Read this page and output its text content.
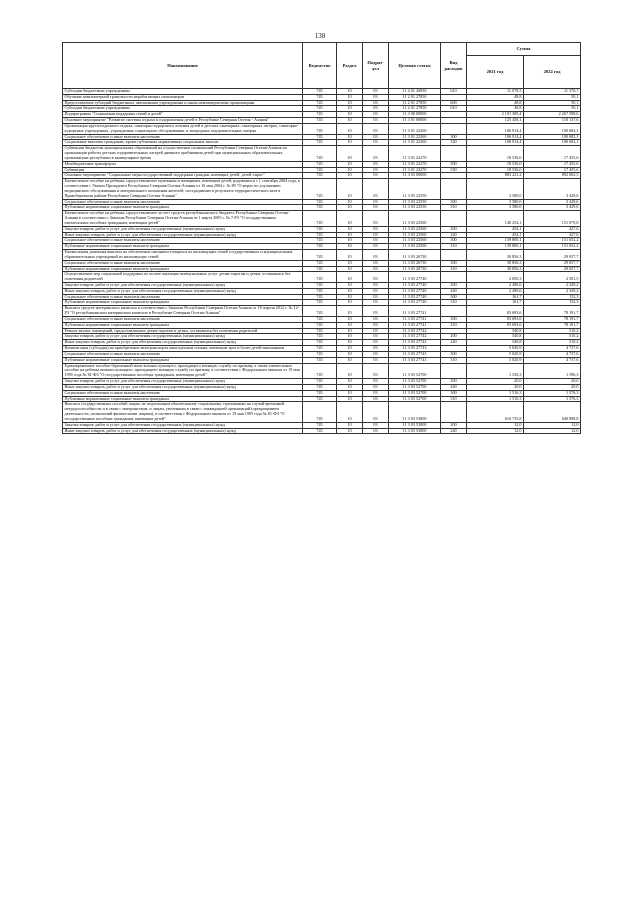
138
Наименование	Ведомство	Раздел	Подраз-дел	Целевая статья	Вид расходов	Сумма	
						2021 год	2022 год
Субсидии бюджетным учреждениям	745	10	03	11 2 01 26830	610	11 078,5	11 370,7
Обучение компьютерной грамотности неработающих пенсионеров	745	10	03	11 2 01 27850		48,8	50,1
Предоставление субсидий бюджетным, автономным учреждениям и иным некоммерческим организациям	745	10	03	11 2 01 27850	600	48,8	50,1
Субсидии бюджетным учреждениям	745	10	03	11 2 01 27850	610	48,8	50,1
Подпрограмма "Социальная поддержка семей и детей"	745	10	03	11 3 00 00000		2 191 309,4	2 267 598,6
Основное мероприятие "Развитие системы отдыха и оздоровления детей в Республике Северная Осетия - Алания"	745	10	03	11 3 01 00000		125 458,1	118 137,6
Организация круглогодичного отдыха, санаторно-курортного лечения детей в детских санаториях, санаторных лагерях, санаторно-курортных учреждениях, учреждениях социального обслуживания, в загородных оздоровительных лагерях	745	10	03	11 3 01 22260		106 914,4	100 682,1
Социальное обеспечение и иные выплаты населению	745	10	03	11 3 01 22260	300	106 914,4	100 682,1
Социальные выплаты гражданам, кроме публичных нормативных социальных выплат	745	10	03	11 3 01 22260	320	106 914,4	100 682,1
Субвенции бюджетам муниципальных образований на осуществление полномочий Республики Северная Осетия-Алания по организации работы детских оздоровительных лагерей дневного пребывания детей при муниципальных образовательных организациях республики в каникулярное время	745	10	03	11 3 01 22270		18 536,0	17 455,6
Межбюджетные трансферты	745	10	03	11 3 01 22270	500	18 536,0	17 455,6
Субвенции	745	10	03	11 3 01 22270	530	18 536,0	17 455,6
Основное мероприятие "Социальные меры государственной поддержки граждан, имеющих детей, детей-сирот"	745	10	03	11 3 03 00000		883 221,2	892 002,3
Ежемесячное пособие на ребенка, предоставляемое мужчинам и женщинам, имеющим детей, родившихся с 1 сентября 2004 года, в соответствии с Указом Президента Республики Северная Осетия-Алания от 16 мая 2004 г. № 89 "О мерах по улучшению медицинского обслуживания и материального положения жителей, пострадавших в результате террористического акта в Правобережном районе Республики Северная Осетия-Алания"	745	10	03	11 3 03 22550		3 580,0	3 429,6
Социальное обеспечение и иные выплаты населению	745	10	03	11 3 03 22550	300	3 580,0	3 429,6
Публичные нормативные социальные выплаты гражданам	745	10	03	11 3 03 22550	310	3 580,0	3 429,6
Ежемесячное пособие на ребенка, предоставляемое за счет средств республиканского бюджета Республики Северная Осетия-Алания в соответствии с Законом Республики Северная Осетия-Алания от 1 марта 2005 г. № 7-РЗ "О государственных ежемесячных пособиях гражданам, имеющим детей"	745	10	03	11 3 03 22560		140 254,1	151 079,8
Закупка товаров, работ и услуг для обеспечения государственных (муниципальных) нужд	745	10	03	11 3 03 22560	200	454,1	427,6
Иные закупки товаров, работ и услуг для обеспечения государственных (муниципальных) нужд	745	10	03	11 3 03 22560	240	454,1	427,6
Социальное обеспечение и иные выплаты населению	745	10	03	11 3 03 22560	300	139 800,1	151 652,2
Публичные нормативные социальные выплаты гражданам	745	10	03	11 3 03 22560	310	139 800,1	151 652,2
Ежемесячная денежная выплата на обеспечение питанием учащихся из малоимущих семей государственных и муниципальных образовательных учреждений из малоимущих семей	745	10	03	11 3 03 26730		30 856,3	29 057,7
Социальное обеспечение и иные выплаты населению	745	10	03	11 3 03 26730	300	30 856,3	29 057,7
Публичные нормативные социальные выплаты гражданам	745	10	03	11 3 03 26730	310	30 856,3	29 057,7
Осуществление мер социальной поддержки по оплате жилищно-коммунальных услуг детям-сиротам и детям, оставшимся без попечения родителей	745	10	03	11 3 03 27740		2 650,3	2 501,5
Закупка товаров, работ и услуг для обеспечения государственных (муниципальных) нужд	745	10	03	11 3 03 27740	200	2 490,6	2 349,2
Иные закупки товаров, работ и услуг для обеспечения государственных (муниципальных) нужд	745	10	03	11 3 03 27740	240	2 490,6	2 349,2
Социальное обеспечение и иные выплаты населению	745	10	03	11 3 03 27740	300	161,7	152,3
Публичные нормативные социальные выплаты гражданам	745	10	03	11 3 03 27740	310	161,7	152,3
Выплата средств материнского капитала в соответствии с Законом Республики Северная Осетия-Алания от 18 апреля 2012 г. № 12-РЗ "О республиканском материнском капитале в Республике Северная Осетия-Алания"	745	10	03	11 3 03 27741		83 693,6	78 191,7
Социальное обеспечение и иные выплаты населению	745	10	03	11 3 03 27741	300	83 693,6	78 191,7
Публичные нормативные социальные выплаты гражданам	745	10	03	11 3 03 27741	310	83 693,6	78 191,7
Ремонт жилых помещений, предоставленных детям-сиротам и детям, оставшимся без попечения родителей	745	10	03	11 3 03 27742		540,8	510,2
Закупка товаров, работ и услуг для обеспечения государственных (муниципальных) нужд	745	10	03	11 3 03 27742	200	540,8	510,2
Иные закупки товаров, работ и услуг для обеспечения государственных (муниципальных) нужд	745	10	03	11 3 03 27742	240	540,8	510,2
Компенсация (субсидия) на приобретение автотранспорта многодетным семьям, имеющим трех и более детей-школьников	745	10	03	11 3 03 27743		5 020,9	4 737,6
Социальное обеспечение и иные выплаты населению	745	10	03	11 3 03 27743	300	5 020,9	4 737,6
Публичные нормативные социальные выплаты гражданам	745	10	03	11 3 03 27743	310	5 020,9	4 737,6
Единовременное пособие беременной жене военнослужащего, проходящего военную службу по призыву, а также ежемесячное пособие на ребенка военнослужащего, проходящего военную службу по призыву, в соответствии с Федеральным законом от 19 мая 1995 года № 81-ФЗ "О государственных пособиях гражданам, имеющим детей"	745	10	03	11 3 03 52700		1 536,3	1 596,3
Закупка товаров, работ и услуг для обеспечения государственных (муниципальных) нужд	745	10	03	11 3 03 52700	200	20,0	20,0
Иные закупки товаров, работ и услуг для обеспечения государственных (муниципальных) нужд	745	10	03	11 3 03 52700	240	20,0	20,0
Социальное обеспечение и иные выплаты населению	745	10	03	11 3 03 52700	300	1 516,3	1 576,3
Публичные нормативные социальные выплаты гражданам	745	10	03	11 3 03 52700	310	1 516,3	1 576,3
Выплата государственных пособий лицам, не подлежащим обязательному социальному страхованию на случай временной нетрудоспособности и в связи с материнством, и лицам, уволенным в связи с ликвидацией организаций (прекращением деятельности, полномочий физическими лицами), в соответствии с Федеральным законом от 19 мая 1995 года № 81-ФЗ "О государственных пособиях гражданам, имеющим детей"	745	10	03	11 3 03 53800		616 735,8	640 898,8
Закупка товаров, работ и услуг для обеспечения государственных (муниципальных) нужд	745	10	03	11 3 03 53800	200	12,0	12,0
Иные закупки товаров, работ и услуг для обеспечения государственных (муниципальных) нужд	745	10	03	11 3 03 53800	240	12,0	12,0
